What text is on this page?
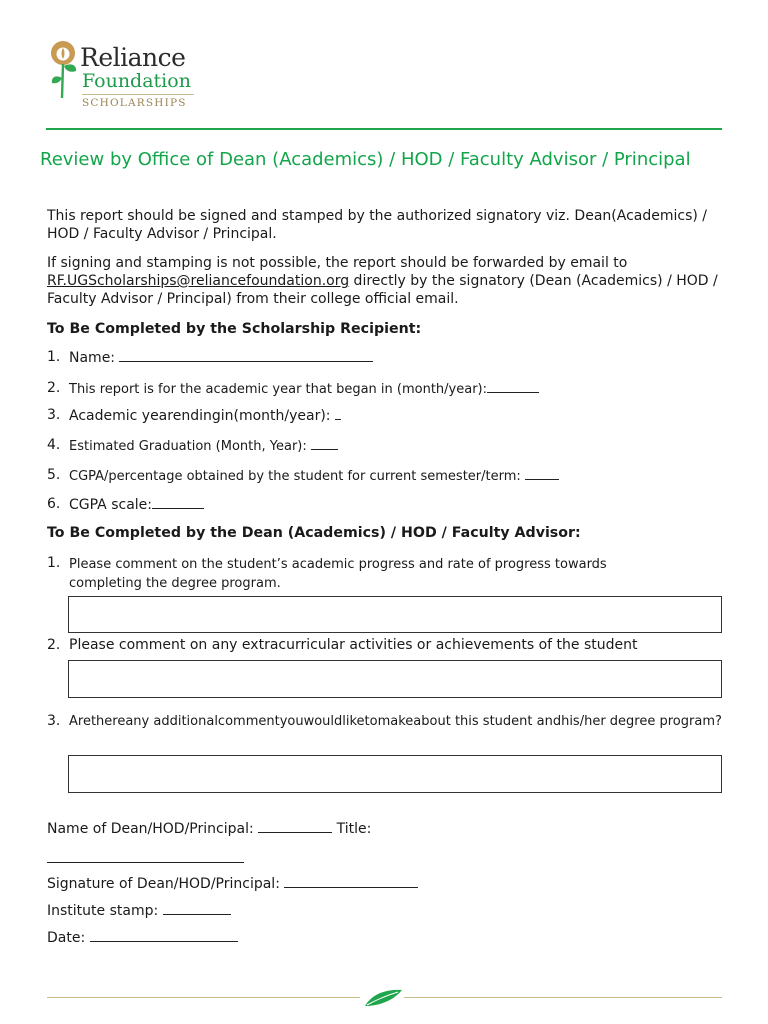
Reliance
Foundation
SCHOLARSHIPS
Review by Office of Dean (Academics) / HOD / Faculty Advisor / Principal
This report should be signed and stamped by the authorized signatory viz. Dean(Academics) / HOD / Faculty Advisor / Principal.
If signing and stamping is not possible, the report should be forwarded by email to RF.UGScholarships@reliancefoundation.org directly by the signatory (Dean (Academics) / HOD / Faculty Advisor / Principal) from their college official email.
To Be Completed by the Scholarship Recipient:
1. Name:
2. This report is for the academic year that began in (month/year):
3. Academic yearendingin(month/year):
4. Estimated Graduation (Month, Year):
5. CGPA/percentage obtained by the student for current semester/term:
6. CGPA scale:
To Be Completed by the Dean (Academics) / HOD / Faculty Advisor:
1. Please comment on the student’s academic progress and rate of progress towards completing the degree program.
2. Please comment on any extracurricular activities or achievements of the student
3. Arethereany additionalcommentyouwouldliketomakeabout this student andhis/her degree program?
Name of Dean/HOD/Principal:	Title:
Signature of Dean/HOD/Principal:
Institute stamp:
Date:
